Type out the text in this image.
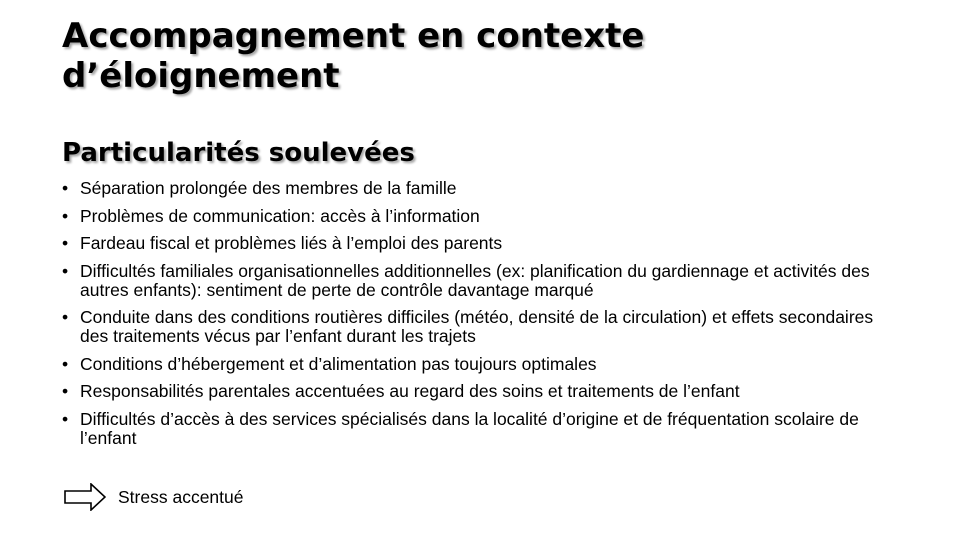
Accompagnement en contexte
d’éloignement
Particularités soulevées
• Séparation prolongée des membres de la famille
• Problèmes de communication: accès à l’information
• Fardeau fiscal et problèmes liés à l’emploi des parents
• Difficultés familiales organisationnelles additionnelles (ex: planification du gardiennage et activités des autres enfants): sentiment de perte de contrôle davantage marqué
• Conduite dans des conditions routières difficiles (météo, densité de la circulation) et effets secondaires des traitements vécus par l’enfant durant les trajets
• Conditions d’hébergement et d’alimentation pas toujours optimales
• Responsabilités parentales accentuées au regard des soins et traitements de l’enfant
• Difficultés d’accès à des services spécialisés dans la localité d’origine et de fréquentation scolaire de l’enfant
Stress accentué
